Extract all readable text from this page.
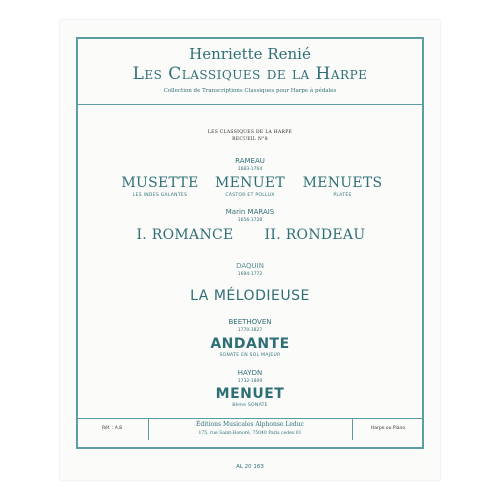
Henriette Renié
Les Classiques de la Harpe
Collection de Transcriptions Classiques pour Harpe à pédales
LES CLASSIQUES DE LA HARPE
RECUEIL N°8
RAMEAU
1683-1764
MUSETTE
LES INDES GALANTES
MENUET
CASTOR ET POLLUX
MENUETS
PLATÉE
Marin MARAIS
1656-1728
I. ROMANCE	II. RONDEAU
DAQUIN
1694-1772
LA MÉLODIEUSE
BEETHOVEN
1770-1827
ANDANTE
SONATE EN SOL MAJEUR
HAYDN
1732-1809
MENUET
8ème SONATE
Réf. : A.8
Éditions Musicales Alphonse Leduc
175, rue Saint-Honoré, 75040 Paris cedex 01
Harpe ou Piano
AL 20 163
